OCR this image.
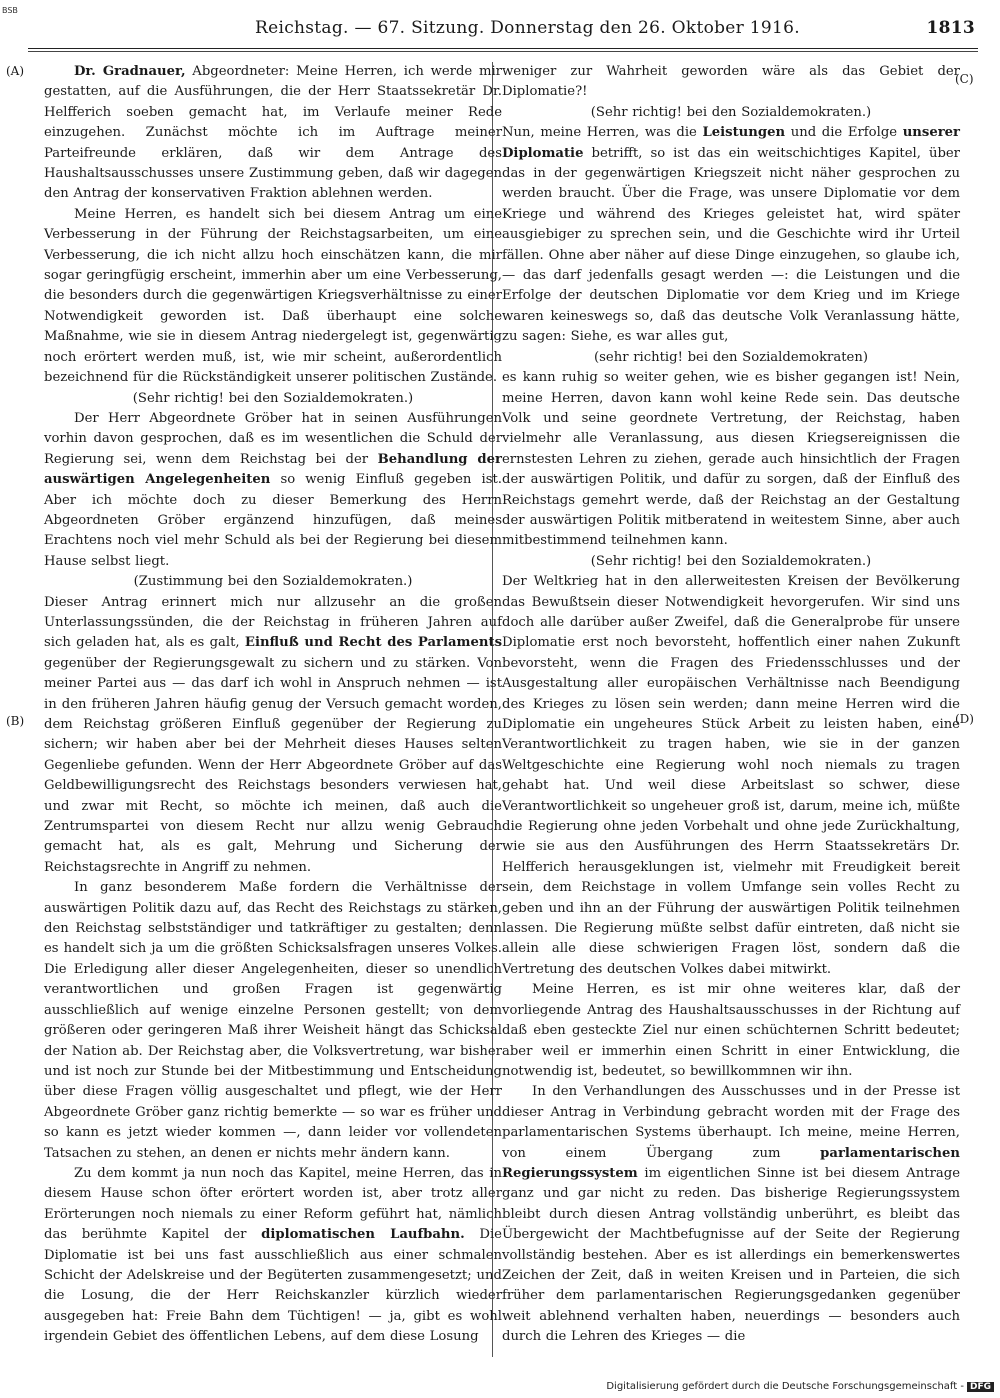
BSB
Reichstag. — 67. Sitzung. Donnerstag den 26. Oktober 1916.	1813
(A)
(B)
(C)
(D)

Dr. Gradnauer, Abgeordneter: Meine Herren, ich werde mir gestatten, auf die Ausführungen, die der Herr Staatssekretär Dr. Helfferich soeben gemacht hat, im Verlaufe meiner Rede einzugehen. Zunächst möchte ich im Auftrage meiner Parteifreunde erklären, daß wir dem Antrage des Haushaltsausschusses unsere Zustimmung geben, daß wir dagegen den Antrag der konservativen Fraktion ablehnen werden.

Meine Herren, es handelt sich bei diesem Antrag um eine Verbesserung in der Führung der Reichstagsarbeiten, um eine Verbesserung, die ich nicht allzu hoch einschätzen kann, die mir sogar geringfügig erscheint, immerhin aber um eine Verbesserung, die besonders durch die gegenwärtigen Kriegsverhältnisse zu einer Notwendigkeit geworden ist. Daß überhaupt eine solche Maßnahme, wie sie in diesem Antrag niedergelegt ist, gegenwärtig noch erörtert werden muß, ist, wie mir scheint, außerordentlich bezeichnend für die Rückständigkeit unserer politischen Zustände.

(Sehr richtig! bei den Sozialdemokraten.)

Der Herr Abgeordnete Gröber hat in seinen Ausführungen vorhin davon gesprochen, daß es im wesentlichen die Schuld der Regierung sei, wenn dem Reichstag bei der Behandlung der auswärtigen Angelegenheiten so wenig Einfluß gegeben ist. Aber ich möchte doch zu dieser Bemerkung des Herrn Abgeordneten Gröber ergänzend hinzufügen, daß meines Erachtens noch viel mehr Schuld als bei der Regierung bei diesem Hause selbst liegt.

(Zustimmung bei den Sozialdemokraten.)

Dieser Antrag erinnert mich nur allzusehr an die großen Unterlassungssünden, die der Reichstag in früheren Jahren auf sich geladen hat, als es galt, Einfluß und Recht des Parlaments gegenüber der Regierungsgewalt zu sichern und zu stärken. Von meiner Partei aus — das darf ich wohl in Anspruch nehmen — ist in den früheren Jahren häufig genug der Versuch gemacht worden, dem Reichstag größeren Einfluß gegenüber der Regierung zu sichern; wir haben aber bei der Mehrheit dieses Hauses selten Gegenliebe gefunden. Wenn der Herr Abgeordnete Gröber auf das Geldbewilligungsrecht des Reichstags besonders verwiesen hat, und zwar mit Recht, so möchte ich meinen, daß auch die Zentrumspartei von diesem Recht nur allzu wenig Gebrauch gemacht hat, als es galt, Mehrung und Sicherung der Reichstagsrechte in Angriff zu nehmen.

In ganz besonderem Maße fordern die Verhältnisse der auswärtigen Politik dazu auf, das Recht des Reichstags zu stärken, den Reichstag selbstständiger und tatkräftiger zu gestalten; denn es handelt sich ja um die größten Schicksalsfragen unseres Volkes. Die Erledigung aller dieser Angelegenheiten, dieser so unendlich verantwortlichen und großen Fragen ist gegenwärtig ausschließlich auf wenige einzelne Personen gestellt; von dem größeren oder geringeren Maß ihrer Weisheit hängt das Schicksal der Nation ab. Der Reichstag aber, die Volksvertretung, war bisher und ist noch zur Stunde bei der Mitbestimmung und Entscheidung über diese Fragen völlig ausgeschaltet und pflegt, wie der Herr Abgeordnete Gröber ganz richtig bemerkte — so war es früher und so kann es jetzt wieder kommen —, dann leider vor vollendeten Tatsachen zu stehen, an denen er nichts mehr ändern kann.

Zu dem kommt ja nun noch das Kapitel, meine Herren, das in diesem Hause schon öfter erörtert worden ist, aber trotz aller Erörterungen noch niemals zu einer Reform geführt hat, nämlich das berühmte Kapitel der diplomatischen Laufbahn. Die Diplomatie ist bei uns fast ausschließlich aus einer schmalen Schicht der Adelskreise und der Begüterten zusammengesetzt; und die Losung, die der Herr Reichskanzler kürzlich wieder ausgegeben hat: Freie Bahn dem Tüchtigen! — ja, gibt es wohl irgendein Gebiet des öffentlichen Lebens, auf dem diese Losung

weniger zur Wahrheit geworden wäre als das Gebiet der Diplomatie?!

(Sehr richtig! bei den Sozialdemokraten.)

Nun, meine Herren, was die Leistungen und die Erfolge unserer Diplomatie betrifft, so ist das ein weitschichtiges Kapitel, über das in der gegenwärtigen Kriegszeit nicht näher gesprochen zu werden braucht. Über die Frage, was unsere Diplomatie vor dem Kriege und während des Krieges geleistet hat, wird später ausgiebiger zu sprechen sein, und die Geschichte wird ihr Urteil fällen. Ohne aber näher auf diese Dinge einzugehen, so glaube ich, — das darf jedenfalls gesagt werden —: die Leistungen und die Erfolge der deutschen Diplomatie vor dem Krieg und im Kriege waren keineswegs so, daß das deutsche Volk Veranlassung hätte, zu sagen: Siehe, es war alles gut,

(sehr richtig! bei den Sozialdemokraten)

es kann ruhig so weiter gehen, wie es bisher gegangen ist! Nein, meine Herren, davon kann wohl keine Rede sein. Das deutsche Volk und seine geordnete Vertretung, der Reichstag, haben vielmehr alle Veranlassung, aus diesen Kriegsereignissen die ernstesten Lehren zu ziehen, gerade auch hinsichtlich der Fragen der auswärtigen Politik, und dafür zu sorgen, daß der Einfluß des Reichstags gemehrt werde, daß der Reichstag an der Gestaltung der auswärtigen Politik mitberatend in weitestem Sinne, aber auch mitbestimmend teilnehmen kann.

(Sehr richtig! bei den Sozialdemokraten.)

Der Weltkrieg hat in den allerweitesten Kreisen der Bevölkerung das Bewußtsein dieser Notwendigkeit hevorgerufen. Wir sind uns doch alle darüber außer Zweifel, daß die Generalprobe für unsere Diplomatie erst noch bevorsteht, hoffentlich einer nahen Zukunft bevorsteht, wenn die Fragen des Friedensschlusses und der Ausgestaltung aller europäischen Verhältnisse nach Beendigung des Krieges zu lösen sein werden; dann meine Herren wird die Diplomatie ein ungeheures Stück Arbeit zu leisten haben, eine Verantwortlichkeit zu tragen haben, wie sie in der ganzen Weltgeschichte eine Regierung wohl noch niemals zu tragen gehabt hat. Und weil diese Arbeitslast so schwer, diese Verantwortlichkeit so ungeheuer groß ist, darum, meine ich, müßte die Regierung ohne jeden Vorbehalt und ohne jede Zurückhaltung, wie sie aus den Ausführungen des Herrn Staatssekretärs Dr. Helfferich herausgeklungen ist, vielmehr mit Freudigkeit bereit sein, dem Reichstage in vollem Umfange sein volles Recht zu geben und ihn an der Führung der auswärtigen Politik teilnehmen lassen. Die Regierung müßte selbst dafür eintreten, daß nicht sie allein alle diese schwierigen Fragen löst, sondern daß die Vertretung des deutschen Volkes dabei mitwirkt.

Meine Herren, es ist mir ohne weiteres klar, daß der vorliegende Antrag des Haushaltsausschusses in der Richtung auf daß eben gesteckte Ziel nur einen schüchternen Schritt bedeutet; aber weil er immerhin einen Schritt in einer Entwicklung, die notwendig ist, bedeutet, so bewillkommnen wir ihn.

In den Verhandlungen des Ausschusses und in der Presse ist dieser Antrag in Verbindung gebracht worden mit der Frage des parlamentarischen Systems überhaupt. Ich meine, meine Herren, von einem Übergang zum	parlamentarischen Regierungssystem im eigentlichen Sinne ist bei diesem Antrage ganz und gar nicht zu reden. Das bisherige Regierungssystem bleibt durch diesen Antrag vollständig unberührt, es bleibt das Übergewicht der Machtbefugnisse auf der Seite der Regierung vollständig bestehen. Aber es ist allerdings ein bemerkenswertes Zeichen der Zeit, daß in weiten Kreisen und in Parteien, die sich früher dem parlamentarischen Regierungsgedanken gegenüber weit ablehnend verhalten haben, neuerdings — besonders auch durch die Lehren des Krieges — die

Digitalisierung gefördert durch die Deutsche Forschungsgemeinschaft - DFG
